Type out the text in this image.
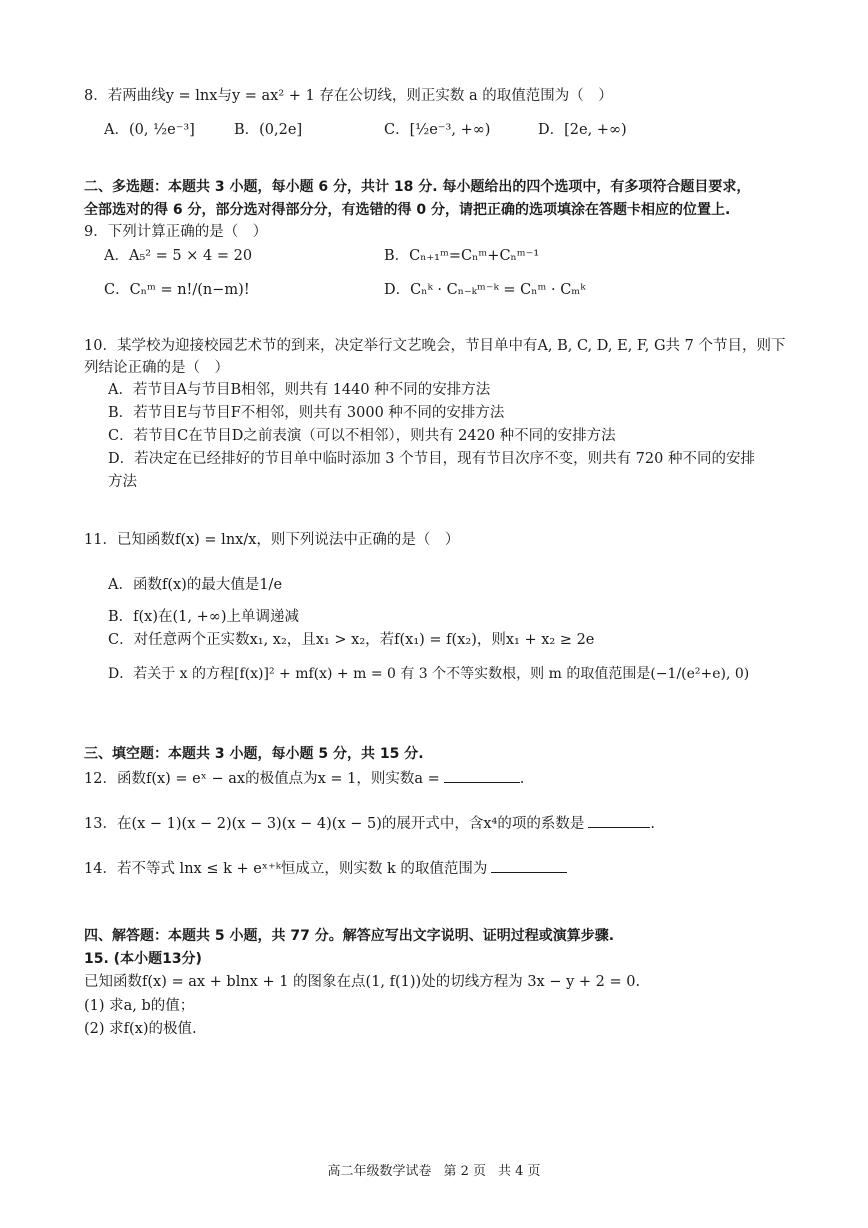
8．若两曲线y = lnx与y = ax² + 1 存在公切线，则正实数 a 的取值范围为（　）
A．(0, ½e⁻³]	B．(0,2e]	C．[½e⁻³, +∞)	D．[2e, +∞)
二、多选题：本题共 3 小题，每小题 6 分，共计 18 分. 每小题给出的四个选项中，有多项符合题目要求，
全部选对的得 6 分，部分选对得部分分，有选错的得 0 分，请把正确的选项填涂在答题卡相应的位置上.
9．下列计算正确的是（　）
A．A₅² = 5 × 4 = 20	B．Cₙ₊₁ᵐ=Cₙᵐ+Cₙᵐ⁻¹
C．Cₙᵐ = n!/(n−m)!	D．Cₙᵏ · Cₙ₋ₖᵐ⁻ᵏ = Cₙᵐ · Cₘᵏ
10．某学校为迎接校园艺术节的到来，决定举行文艺晚会，节目单中有A, B, C, D, E, F, G共 7 个节目，则下
列结论正确的是（　）
A．若节目A与节目B相邻，则共有 1440 种不同的安排方法
B．若节目E与节目F不相邻，则共有 3000 种不同的安排方法
C．若节目C在节目D之前表演（可以不相邻），则共有 2420 种不同的安排方法
D．若决定在已经排好的节目单中临时添加 3 个节目，现有节目次序不变，则共有 720 种不同的安排
方法
11．已知函数f(x) = lnx/x，则下列说法中正确的是（　）
A．函数f(x)的最大值是1/e
B．f(x)在(1, +∞)上单调递减
C．对任意两个正实数x₁, x₂，且x₁ > x₂，若f(x₁) = f(x₂)，则x₁ + x₂ ≥ 2e
D．若关于 x 的方程[f(x)]² + mf(x) + m = 0 有 3 个不等实数根，则 m 的取值范围是(−1/(e²+e), 0)
三、填空题：本题共 3 小题，每小题 5 分，共 15 分.
12．函数f(x) = eˣ − ax的极值点为x = 1，则实数a =	.
13．在(x − 1)(x − 2)(x − 3)(x − 4)(x − 5)的展开式中，含x⁴的项的系数是	.
14．若不等式 lnx ≤ k + eˣ⁺ᵏ恒成立，则实数 k 的取值范围为
四、解答题：本题共 5 小题，共 77 分。解答应写出文字说明、证明过程或演算步骤.
15. (本小题13分)
已知函数f(x) = ax + blnx + 1 的图象在点(1, f(1))处的切线方程为 3x − y + 2 = 0.
(1) 求a, b的值；
(2) 求f(x)的极值.
高二年级数学试卷 第 2 页 共 4 页
